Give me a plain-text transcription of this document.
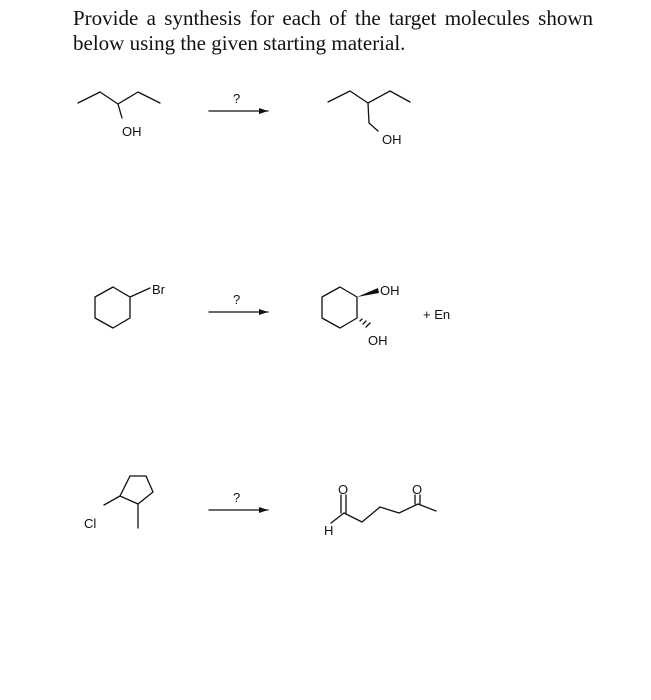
Provide a synthesis for each of the target molecules shown below using the given starting material.
OH
?
OH
Br
?
OH
OH
+ En
Cl
?
H
O	O
